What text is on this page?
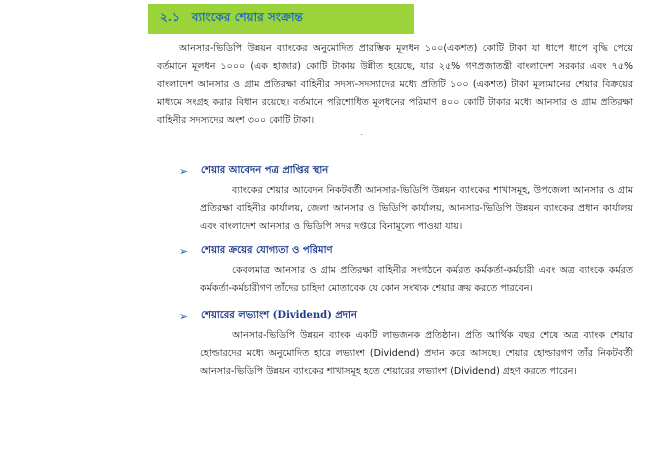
২.১ ব্যাংকের শেয়ার সংক্রান্ত

আনসার-ভিডিপি উন্নয়ন ব্যাংকের অনুমোদিত প্রারম্ভিক মূলধন ১০০(একশত) কোটি টাকা যা ধাপে ধাপে বৃদ্ধি পেয়ে বর্তমানে মূলধন ১০০০ (এক হাজার) কোটি টাকায় উন্নীত হয়েছে, যার ২৫% গণপ্রজাতন্ত্রী বাংলাদেশ সরকার এবং ৭৫% বাংলাদেশ আনসার ও গ্রাম প্রতিরক্ষা বাহিনীর সদস্য-সদস্যাদের মধ্যে প্রতিটি ১০০ (একশত) টাকা মূল্যমানের শেয়ার বিক্রয়ের মাধ্যমে সংগ্রহ করার বিধান রয়েছে। বর্তমানে পরিশোধিত মূলধনের পরিমাণ ৪০০ কোটি টাকার মধ্যে আনসার ও গ্রাম প্রতিরক্ষা বাহিনীর সদস্যদের অংশ ৩০০ কোটি টাকা।

.
➢	শেয়ার আবেদন পত্র প্রাপ্তির স্থান
ব্যাংকের শেয়ার আবেদন নিকটবর্তী আনসার-ভিডিপি উন্নয়ন ব্যাংকের শাখাসমূহ, উপজেলা আনসার ও গ্রাম প্রতিরক্ষা বাহিনীর কার্যালয়, জেলা আনসার ও ভিডিপি কার্যালয়, আনসার-ভিডিপি উন্নয়ন ব্যাংকের প্রধান কার্যালয় এবং বাংলাদেশ আনসার ও ভিডিপি সদর দপ্তরে বিনামূল্যে পাওয়া যায়।
➢	শেয়ার ক্রয়ের যোগ্যতা ও পরিমাণ
কেবলমাত্র আনসার ও গ্রাম প্রতিরক্ষা বাহিনীর সংগঠনে কর্মরত কর্মকর্তা-কর্মচারী এবং অত্র ব্যাংকে কর্মরত কর্মকর্তা-কর্মচারীগণ তাঁদের চাহিদা মোতাবেক যে কোন সংখ্যক শেয়ার ক্রয় করতে পারবেন।
➢	শেয়ারের লভ্যাংশ (Dividend) প্রদান
আনসার-ভিডিপি উন্নয়ন ব্যাংক একটি লাভজনক প্রতিষ্ঠান। প্রতি আর্থিক বছর শেষে অত্র ব্যাংক শেয়ার হোল্ডারদের মধ্যে অনুমোদিত হারে লভ্যাংশ (Dividend) প্রদান করে আসছে। শেয়ার হোল্ডারগণ তাঁর নিকটবর্তী আনসার-ভিডিপি উন্নয়ন ব্যাংকের শাখাসমূহ হতে শেয়ারের লভ্যাংশ (Dividend) গ্রহণ করতে পারেন।
